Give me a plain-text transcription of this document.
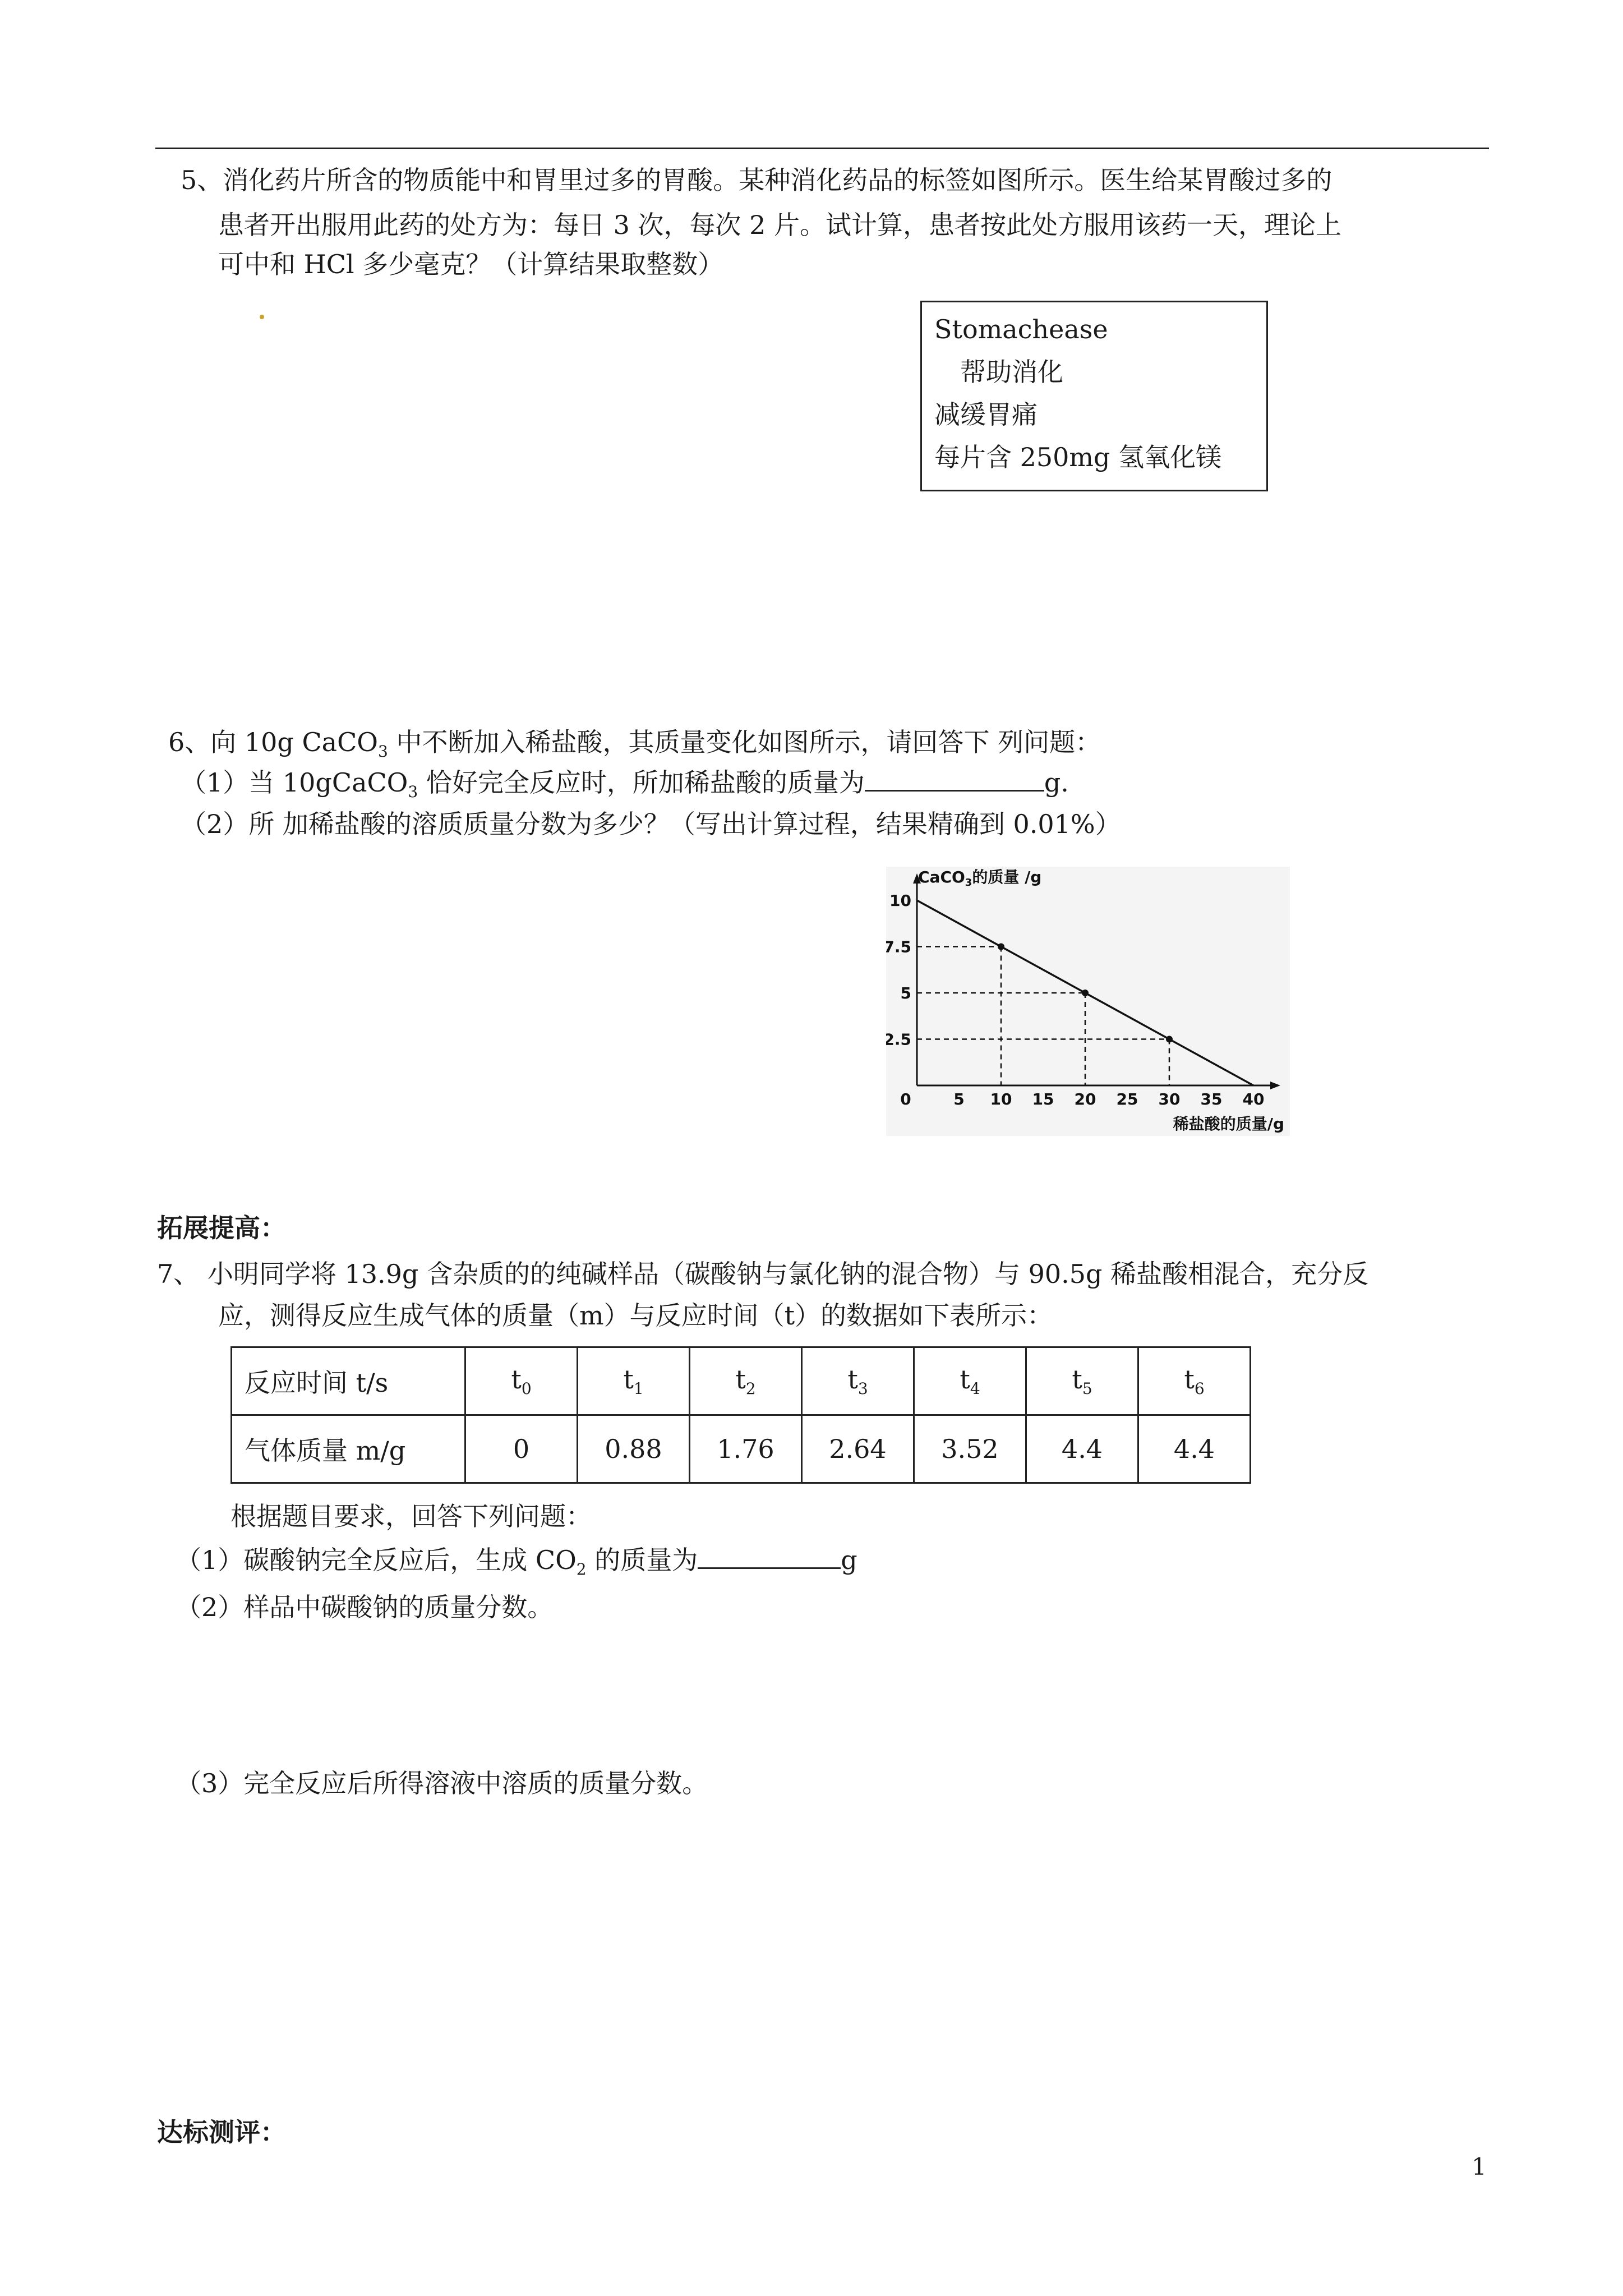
5、消化药片所含的物质能中和胃里过多的胃酸。某种消化药品的标签如图所示。医生给某胃酸过多的
患者开出服用此药的处方为：每日 3 次，每次 2 片。试计算，患者按此处方服用该药一天，理论上
可中和 HCl 多少毫克？（计算结果取整数）
Stomachease
帮助消化
减缓胃痛
每片含 250mg 氢氧化镁
6、向 10g CaCO$_3$ 中不断加入稀盐酸，其质量变化如图所示，请回答下 列问题：
（1）当 10gCaCO$_3$ 恰好完全反应时，所加稀盐酸的质量为	g.
（2）所 加稀盐酸的溶质质量分数为多少？（写出计算过程，结果精确到 0.01%）
0	5 10 15 20 25 30 35 40
10
7.5
5
2.5
CaCO$_3$的质量 /g
稀盐酸的质量/g
拓展提高：
7、 小明同学将 13.9g 含杂质的的纯碱样品（碳酸钠与氯化钠的混合物）与 90.5g 稀盐酸相混合，充分反
应，测得反应生成气体的质量（m）与反应时间（t）的数据如下表所示：
反应时间 t/s	$t_0$	$t_1$	$t_2$	$t_3$	$t_4$	$t_5$	$t_6$
气体质量 m/g	0	0.88	1.76	2.64	3.52	4.4	4.4
根据题目要求，回答下列问题：
（1）碳酸钠完全反应后，生成 $CO_2$ 的质量为	g
（2）样品中碳酸钠的质量分数。
（3）完全反应后所得溶液中溶质的质量分数。
达标测评：
1
